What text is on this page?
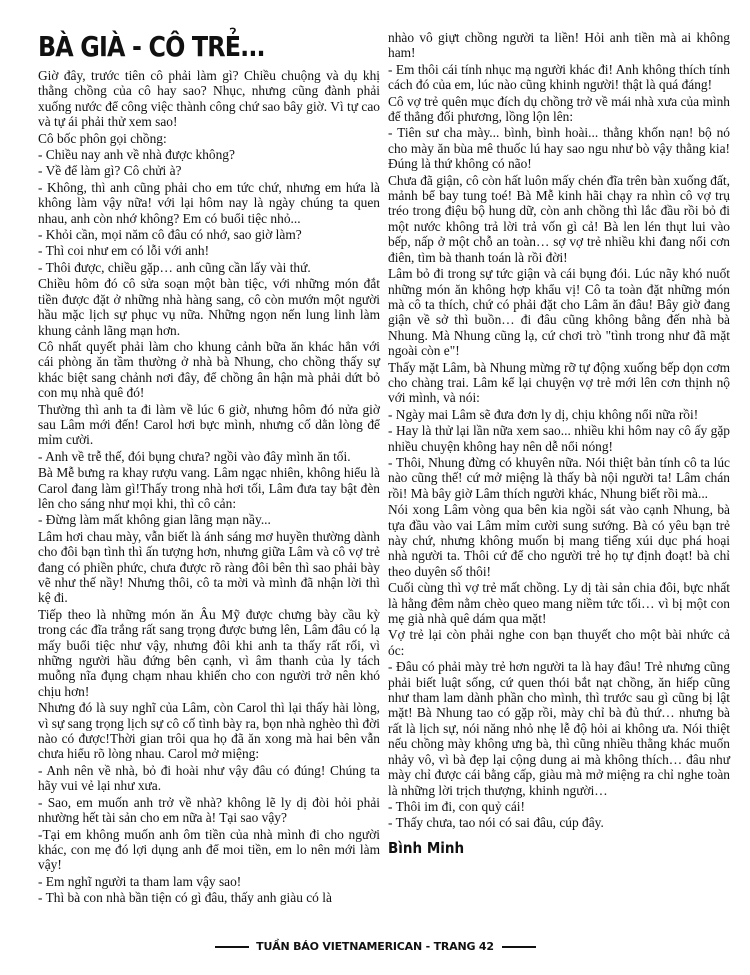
BÀ GIÀ - CÔ TRẺ...

Giờ đây, trước tiên cô phải làm gì? Chiều chuộng và dụ khị thằng chồng của cô hay sao? Nhục, nhưng cũng đành phải xuống nước để công việc thành công chứ sao bây giờ. Vì tự cao và tự ái phải thử xem sao!

Cô bốc phôn gọi chồng:

- Chiều nay anh về nhà được không?

- Về để làm gì? Cô chửi à?

- Không, thì anh cũng phải cho em tức chứ, nhưng em hứa là không làm vậy nữa! với lại hôm nay là ngày chúng ta quen nhau, anh còn nhớ không? Em có buổi tiệc nhỏ...

- Khỏi cần, mọi năm cô đâu có nhớ, sao giờ làm?

- Thì coi như em có lỗi với anh!

- Thôi được, chiều gặp… anh cũng cần lấy vài thứ.

Chiều hôm đó cô sửa soạn một bàn tiệc, với những món đắt tiền được đặt ở những nhà hàng sang, cô còn mướn một người hầu mặc lịch sự phục vụ nữa. Những ngọn nến lung linh làm khung cảnh lãng mạn hơn.

Cô nhất quyết phải làm cho khung cảnh bữa ăn khác hẳn với cái phòng ăn tầm thường ở nhà bà Nhung, cho chồng thấy sự khác biệt sang chảnh nơi đây, để chồng ân hận mà phải dứt bỏ con mụ nhà quê đó!

Thường thì anh ta đi làm về lúc 6 giờ, nhưng hôm đó nửa giờ sau Lâm mới đến! Carol hơi bực mình, nhưng cố dằn lòng để mỉm cười.

- Anh về trễ thế, đói bụng chưa? ngồi vào đây mình ăn tối.

Bà Mễ bưng ra khay rượu vang. Lâm ngạc nhiên, không hiểu là Carol đang làm gì!Thấy trong nhà hơi tối, Lâm đưa tay bật đèn lên cho sáng như mọi khi, thì cô cản:

- Đừng làm mất không gian lãng mạn nầy...

Lâm hơi chau mày, vẫn biết là ánh sáng mơ huyền thường dành cho đôi bạn tình thì ấn tượng hơn, nhưng giữa Lâm và cô vợ trẻ đang có phiền phức, chưa được rõ ràng đôi bên thì sao phải bày vẽ như thế nầy! Nhưng thôi, cô ta mời và mình đã nhận lời thì kệ đi.

Tiếp theo là những món ăn Âu Mỹ được chưng bày cầu kỳ trong các đĩa trắng rất sang trọng được bưng lên, Lâm đâu có lạ mấy buổi tiệc như vậy, nhưng đôi khi anh ta thấy rất rối, vì những người hầu đứng bên cạnh, vì âm thanh của ly tách muỗng nĩa đụng chạm nhau khiến cho con người trở nên khó chịu hơn!

Nhưng đó là suy nghĩ của Lâm, còn Carol thì lại thấy hài lòng, vì sự sang trọng lịch sự cô cố tình bày ra, bọn nhà nghèo thì đời nào có được!Thời gian trôi qua họ đã ăn xong mà hai bên vẫn chưa hiểu rõ lòng nhau. Carol mở miệng:

- Anh nên về nhà, bỏ đi hoài như vậy đâu có đúng! Chúng ta hãy vui vẻ lại như xưa.

- Sao, em muốn anh trở về nhà? không lẽ ly dị đòi hỏi phải nhường hết tài sản cho em nữa à! Tại sao vậy?

-Tại em không muốn anh ôm tiền của nhà mình đi cho người khác, con mẹ đó lợi dụng anh để moi tiền, em lo nên mới làm vậy!

- Em nghĩ người ta tham lam vậy sao!

- Thì bà con nhà bần tiện có gì đâu, thấy anh giàu có là

nhào vô giựt chồng người ta liền! Hỏi anh tiền mà ai không ham!

- Em thôi cái tính nhục mạ người khác đi! Anh không thích tính cách đó của em, lúc nào cũng khinh người! thật là quá đáng!

Cô vợ trẻ quên mục đích dụ chồng trở về mái nhà xưa của mình để thẳng đối phương, lồng lộn lên:

- Tiên sư cha mày... bình, bình hoài... thằng khốn nạn! bộ nó cho mày ăn bùa mê thuốc lú hay sao ngu như bò vậy thằng kia! Đúng là thứ không có não!

Chưa đã giận, cô còn hất luôn mấy chén đĩa trên bàn xuống đất, mảnh bể bay tung toé! Bà Mễ kinh hãi chạy ra nhìn cô vợ trụ tréo trong điệu bộ hung dữ, còn anh chồng thì lắc đầu rồi bỏ đi một nước không trả lời trả vốn gì cả! Bà len lén thụt lui vào bếp, nấp ở một chỗ an toàn… sợ vợ trẻ nhiều khi đang nổi cơn điên, tìm bà thanh toán là rồi đời!

Lâm bỏ đi trong sự tức giận và cái bụng đói. Lúc nãy khó nuốt những món ăn không hợp khẩu vị! Cô ta toàn đặt những món mà cô ta thích, chứ có phải đặt cho Lâm ăn đâu! Bây giờ đang giận về sở thì buồn… đi đâu cũng không bằng đến nhà bà Nhung. Mà Nhung cũng lạ, cứ chơi trò "tình trong như đã mặt ngoài còn e"!

Thấy mặt Lâm, bà Nhung mừng rỡ tự động xuống bếp dọn cơm cho chàng trai. Lâm kể lại chuyện vợ trẻ mới lên cơn thịnh nộ với mình, và nói:

- Ngày mai Lâm sẽ đưa đơn ly dị, chịu không nổi nữa rồi!

- Hay là thử lại lần nữa xem sao... nhiều khi hôm nay cô ấy gặp nhiều chuyện không hay nên dễ nổi nóng!

- Thôi, Nhung đừng có khuyên nữa. Nói thiệt bản tính cô ta lúc nào cũng thế! cứ mở miệng là thấy bà nội người ta! Lâm chán rồi! Mà bây giờ Lâm thích người khác, Nhung biết rồi mà...

Nói xong Lâm vòng qua bên kia ngồi sát vào cạnh Nhung, bà tựa đầu vào vai Lâm mỉm cười sung sướng. Bà có yêu bạn trẻ này chứ, nhưng không muốn bị mang tiếng xúi dục phá hoại nhà người ta. Thôi cứ để cho người trẻ họ tự định đoạt! bà chỉ theo duyên số thôi!

Cuối cùng thì vợ trẻ mất chồng. Ly dị tài sản chia đôi, bực nhất là hằng đêm nằm chèo queo mang niềm tức tối… vì bị một con mẹ già nhà quê dám qua mặt!

Vợ trẻ lại còn phải nghe con bạn thuyết cho một bài nhức cả óc:

- Đâu có phải mày trẻ hơn người ta là hay đâu! Trẻ nhưng cũng phải biết luật sống, cứ quen thói bắt nạt chồng, ăn hiếp cũng như tham lam dành phần cho mình, thì trước sau gì cũng bị lật mặt! Bà Nhung tao có gặp rồi, mày chỉ bà đủ thứ… nhưng bà rất là lịch sự, nói năng nhỏ nhẹ lễ độ hỏi ai không ưa. Nói thiệt nếu chồng mày không ưng bà, thì cũng nhiều thằng khác muốn nhảy vô, vì bà đẹp lại cộng dung ai mà không thích… đâu như mày chỉ được cái bằng cấp, giàu mà mở miệng ra chỉ nghe toàn là những lời trịch thượng, khinh người…

- Thôi im đi, con quỷ cái!

- Thấy chưa, tao nói có sai đâu, cúp đây.

Bình Minh
TUẦN BÁO VIETNAMERICAN - TRANG 42
